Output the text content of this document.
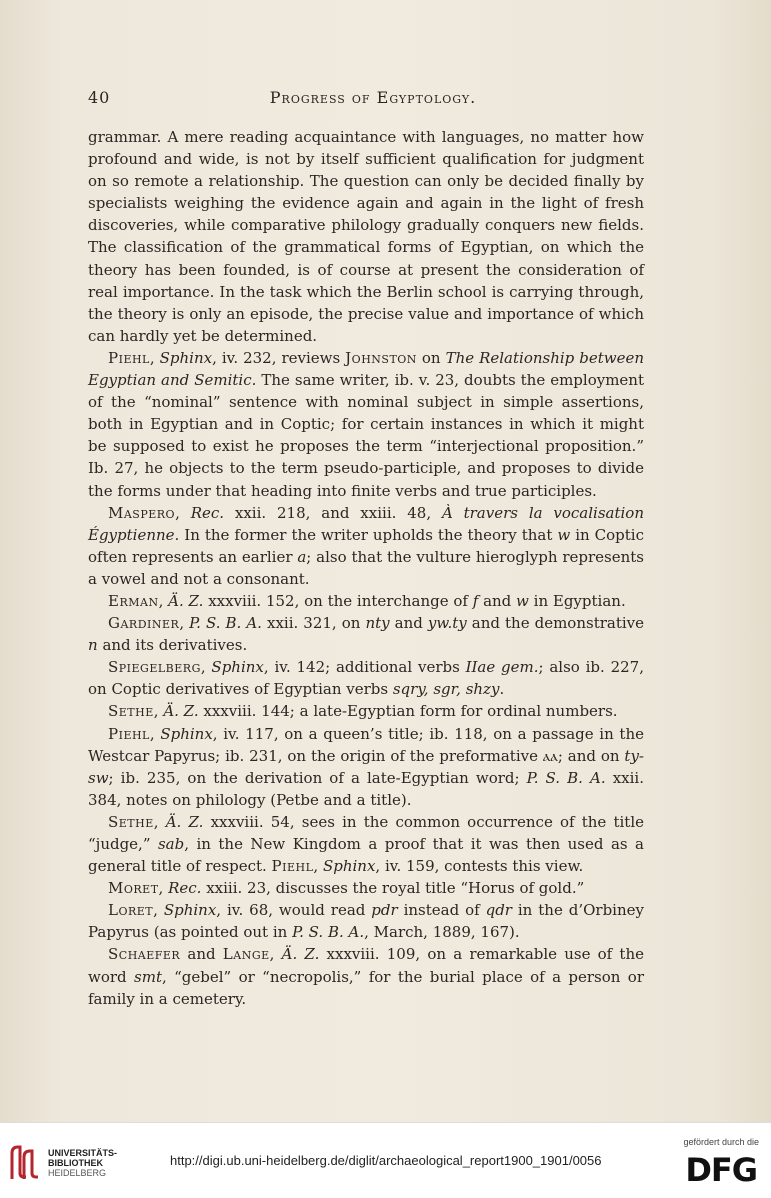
40	Progress of Egyptology.

grammar. A mere reading acquaintance with languages, no matter how profound and wide, is not by itself sufficient qualification for judgment on so remote a relationship. The question can only be decided finally by specialists weighing the evidence again and again in the light of fresh discoveries, while comparative philology gradually conquers new fields. The classification of the grammatical forms of Egyptian, on which the theory has been founded, is of course at present the consideration of real importance. In the task which the Berlin school is carrying through, the theory is only an episode, the precise value and importance of which can hardly yet be determined.

Piehl, Sphinx, iv. 232, reviews Johnston on The Relationship between Egyptian and Semitic. The same writer, ib. v. 23, doubts the employment of the “nominal” sentence with nominal subject in simple assertions, both in Egyptian and in Coptic; for certain instances in which it might be supposed to exist he proposes the term “interjectional proposition.” Ib. 27, he objects to the term pseudo-participle, and proposes to divide the forms under that heading into finite verbs and true participles.

Maspero, Rec. xxii. 218, and xxiii. 48, À travers la vocalisation Égyptienne. In the former the writer upholds the theory that w in Coptic often represents an earlier a; also that the vulture hieroglyph represents a vowel and not a consonant.

Erman, Ä. Z. xxxviii. 152, on the interchange of f and w in Egyptian.

Gardiner, P. S. B. A. xxii. 321, on nty and yw.ty and the demonstrative n and its derivatives.

Spiegelberg, Sphinx, iv. 142; additional verbs IIae gem.; also ib. 227, on Coptic derivatives of Egyptian verbs sqry, sgr, shzy.

Sethe, Ä. Z. xxxviii. 144; a late-Egyptian form for ordinal numbers.

Piehl, Sphinx, iv. 117, on a queen’s title; ib. 118, on a passage in the Westcar Papyrus; ib. 231, on the origin of the preformative ⲁⲁ; and on ty-sw; ib. 235, on the derivation of a late-Egyptian word; P. S. B. A. xxii. 384, notes on philology (Petbe and a title).

Sethe, Ä. Z. xxxviii. 54, sees in the common occurrence of the title “judge,” sab, in the New Kingdom a proof that it was then used as a general title of respect. Piehl, Sphinx, iv. 159, contests this view.

Moret, Rec. xxiii. 23, discusses the royal title “Horus of gold.”

Loret, Sphinx, iv. 68, would read pdr instead of qdr in the d’Orbiney Papyrus (as pointed out in P. S. B. A., March, 1889, 167).

Schaefer and Lange, Ä. Z. xxxviii. 109, on a remarkable use of the word smt, “gebel” or “necropolis,” for the burial place of a person or family in a cemetery.

UNIVERSITÄTS-
BIBLIOTHEK
HEIDELBERG
http://digi.ub.uni-heidelberg.de/diglit/archaeological_report1900_1901/0056
gefördert durch die
DFG
